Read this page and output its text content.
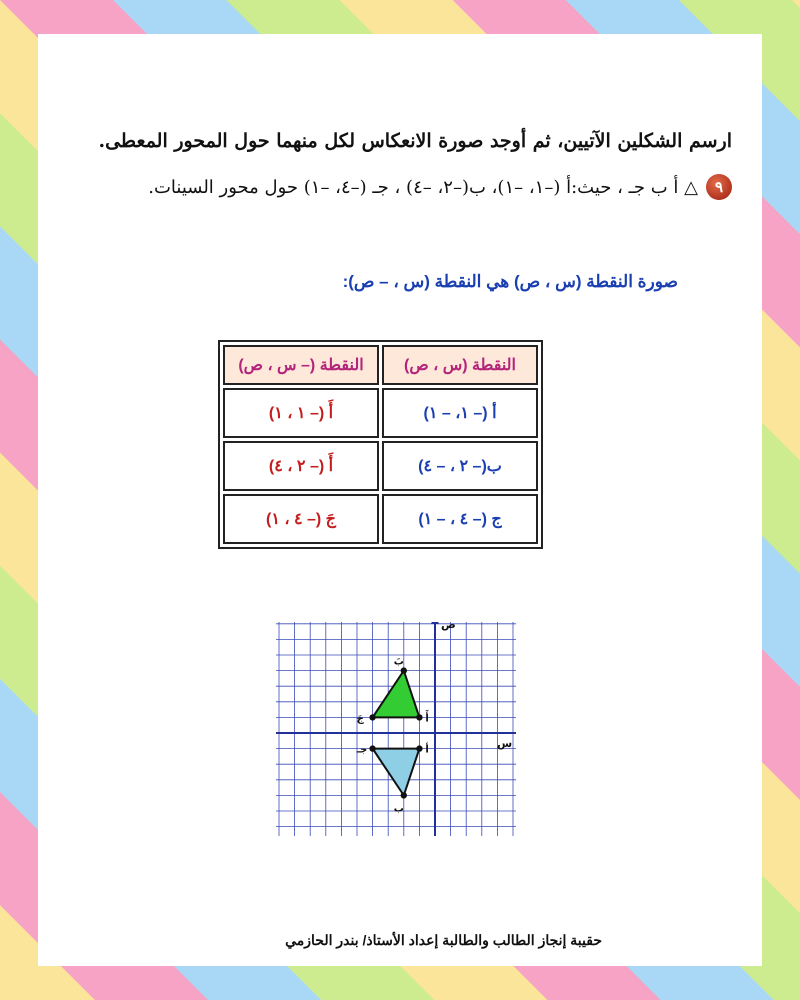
ارسم الشكلين الآتيين، ثم أوجد صورة الانعكاس لكل منهما حول المحور المعطى.
٩
△ أ ب جـ ، حيث:أ (–١، –١)، ب(–٢، –٤) ، جـ (–٤، –١) حول محور السينات.
صورة النقطة (س ، ص) هي النقطة (س ، – ص):
النقطة (س ، ص)	النقطة (– س ، ص)
أ (– ١، – ١)	أَ (– ١ ، ١)
ب(– ٢ ، – ٤)	أَ (– ٢ ، ٤)
ج (– ٤ ، – ١)	جَ (– ٤ ، ١)
ص
س
أَ
بَ
جَ
أ
ب
جـ
حقيبة إنجاز الطالب والطالبة إعداد الأستاذ/ بندر الحازمي
